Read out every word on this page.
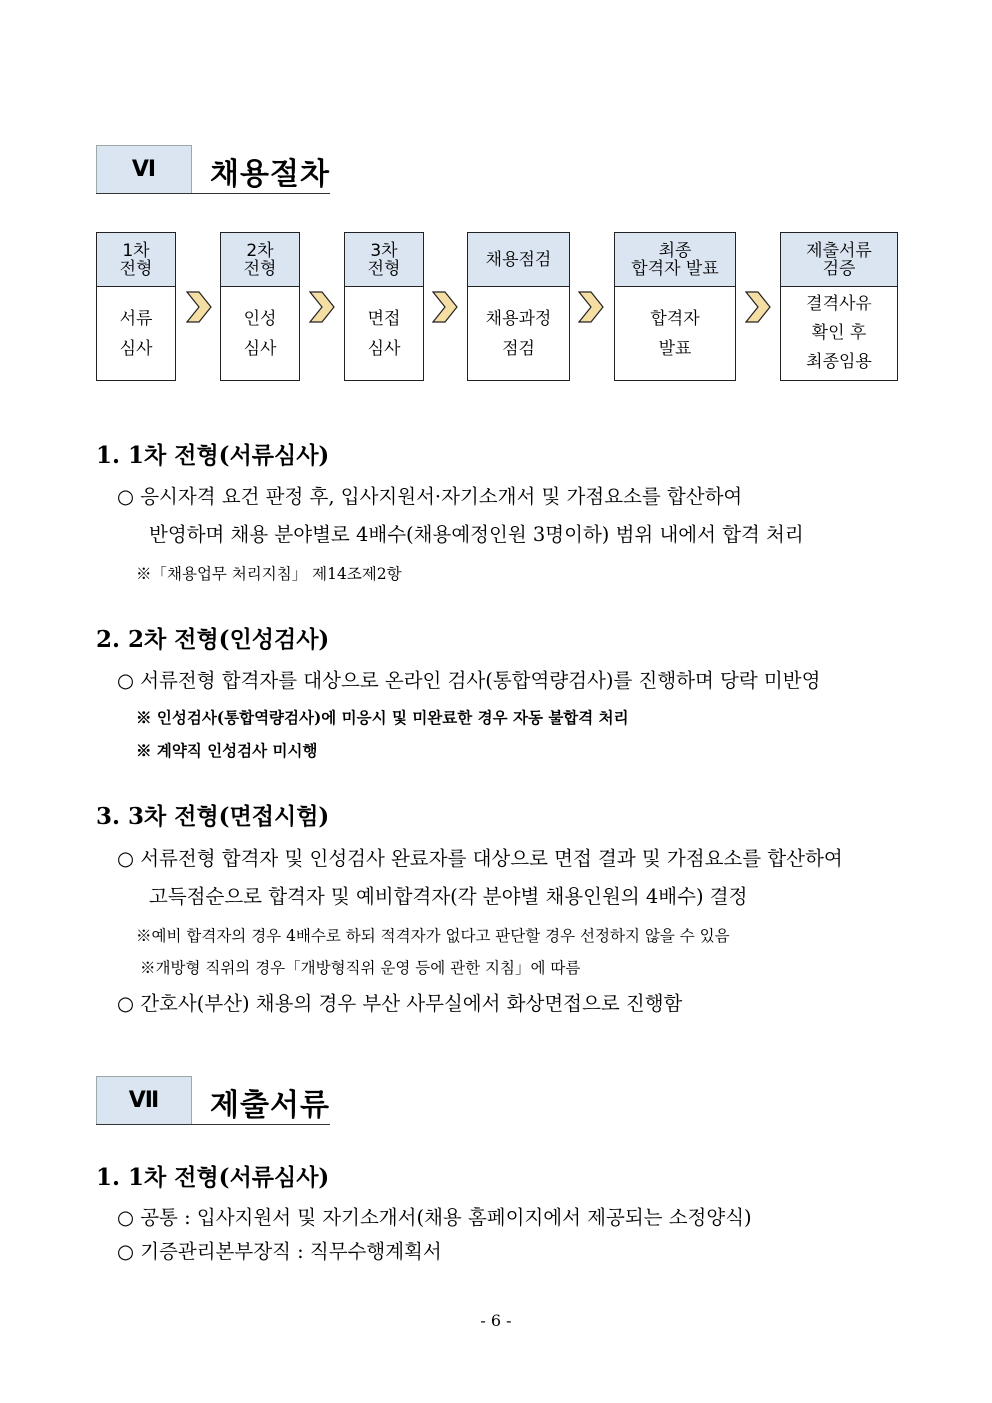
Ⅵ	채용절차
1차
전형
서류
심사
2차
전형
인성
심사
3차
전형
면접
심사
채용점검
채용과정
점검
최종
합격자 발표
합격자
발표
제출서류
검증
결격사유
확인 후
최종임용
1. 1차 전형(서류심사)
○ 응시자격 요건 판정 후, 입사지원서·자기소개서 및 가점요소를 합산하여
반영하며 채용 분야별로 4배수(채용예정인원 3명이하) 범위 내에서 합격 처리
※「채용업무 처리지침」 제14조제2항
2. 2차 전형(인성검사)
○ 서류전형 합격자를 대상으로 온라인 검사(통합역량검사)를 진행하며 당락 미반영
※ 인성검사(통합역량검사)에 미응시 및 미완료한 경우 자동 불합격 처리
※ 계약직 인성검사 미시행
3. 3차 전형(면접시험)
○ 서류전형 합격자 및 인성검사 완료자를 대상으로 면접 결과 및 가점요소를 합산하여
고득점순으로 합격자 및 예비합격자(각 분야별 채용인원의 4배수) 결정
※예비 합격자의 경우 4배수로 하되 적격자가 없다고 판단할 경우 선정하지 않을 수 있음
※개방형 직위의 경우「개방형직위 운영 등에 관한 지침」에 따름
○ 간호사(부산) 채용의 경우 부산 사무실에서 화상면접으로 진행함
Ⅶ	제출서류
1. 1차 전형(서류심사)
○ 공통 : 입사지원서 및 자기소개서(채용 홈페이지에서 제공되는 소정양식)
○ 기증관리본부장직 : 직무수행계획서
- 6 -
